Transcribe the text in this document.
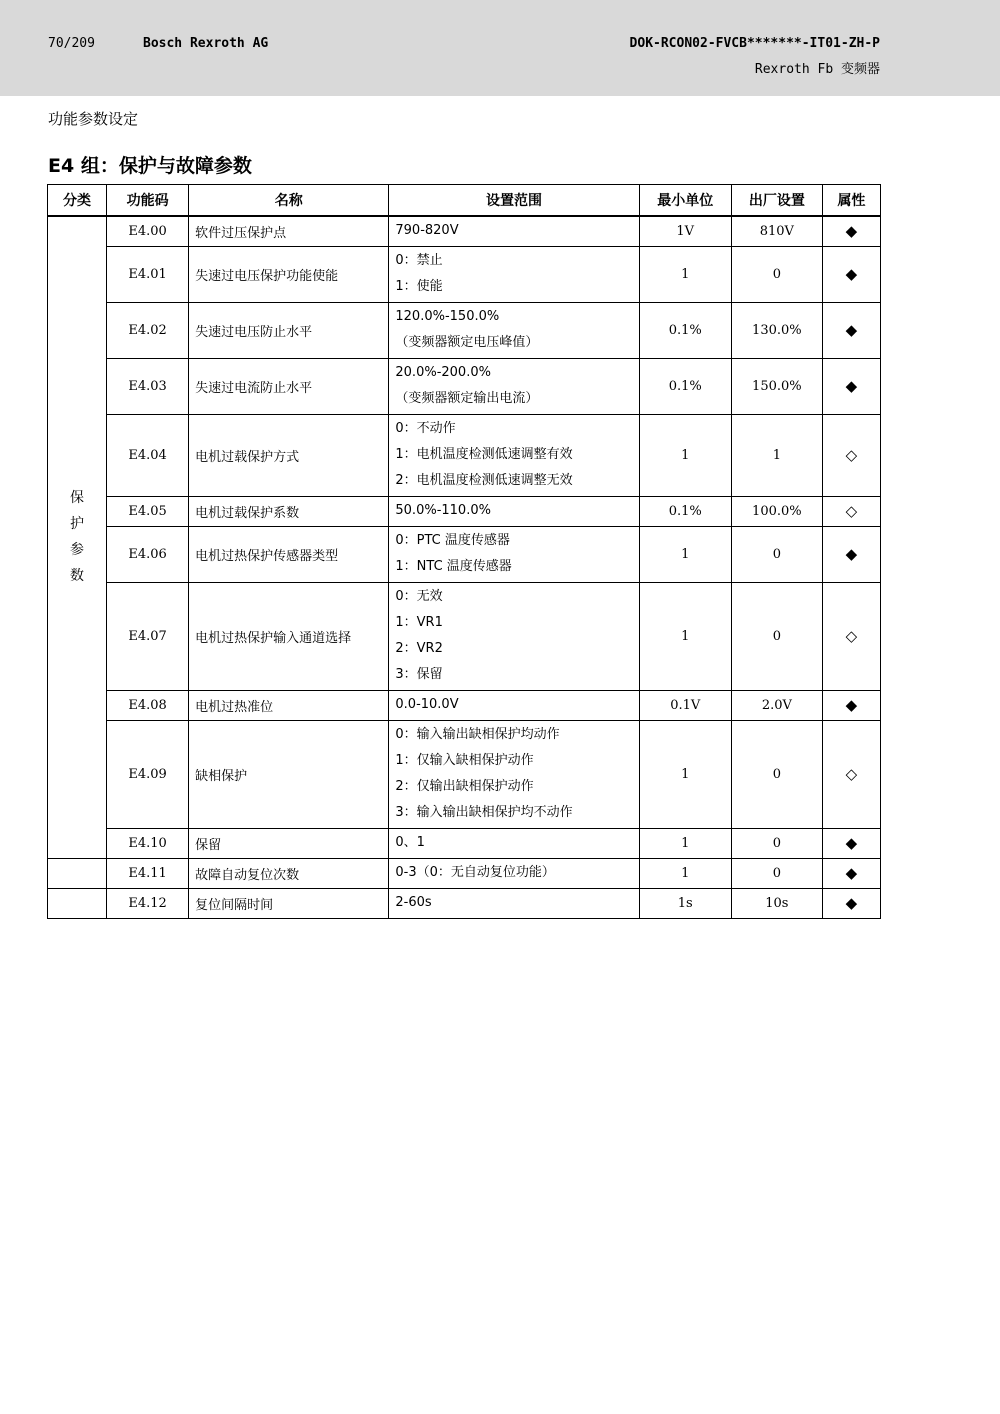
70/209	Bosch Rexroth AG	DOK-RCON02-FVCB*******-IT01-ZH-P
Rexroth Fb 变频器
功能参数设定
E4 组：保护与故障参数
分类	功能码	名称	设置范围	最小单位	出厂设置	属性

保
护
参
数	E4.00	软件过压保护点	790-820V	1V	810V	◆
	E4.01	失速过电压保护功能使能	0：禁止
1：使能	1	0	◆
	E4.02	失速过电压防止水平	120.0%-150.0%
（变频器额定电压峰值）	0.1%	130.0%	◆
	E4.03	失速过电流防止水平	20.0%-200.0%
（变频器额定输出电流）	0.1%	150.0%	◆
	E4.04	电机过载保护方式	0：不动作
1：电机温度检测低速调整有效
2：电机温度检测低速调整无效	1	1	◇
	E4.05	电机过载保护系数	50.0%-110.0%	0.1%	100.0%	◇
	E4.06	电机过热保护传感器类型	0：PTC 温度传感器
1：NTC 温度传感器	1	0	◆
	E4.07	电机过热保护输入通道选择	0：无效
1：VR1
2：VR2
3：保留	1	0	◇
	E4.08	电机过热准位	0.0-10.0V	0.1V	2.0V	◆
	E4.09	缺相保护	0：输入输出缺相保护均动作
1：仅输入缺相保护动作
2：仅输出缺相保护动作
3：输入输出缺相保护均不动作	1	0	◇
	E4.10	保留	0、1	1	0	◆
	E4.11	故障自动复位次数	0-3（0：无自动复位功能）	1	0	◆
	E4.12	复位间隔时间	2-60s	1s	10s	◆
